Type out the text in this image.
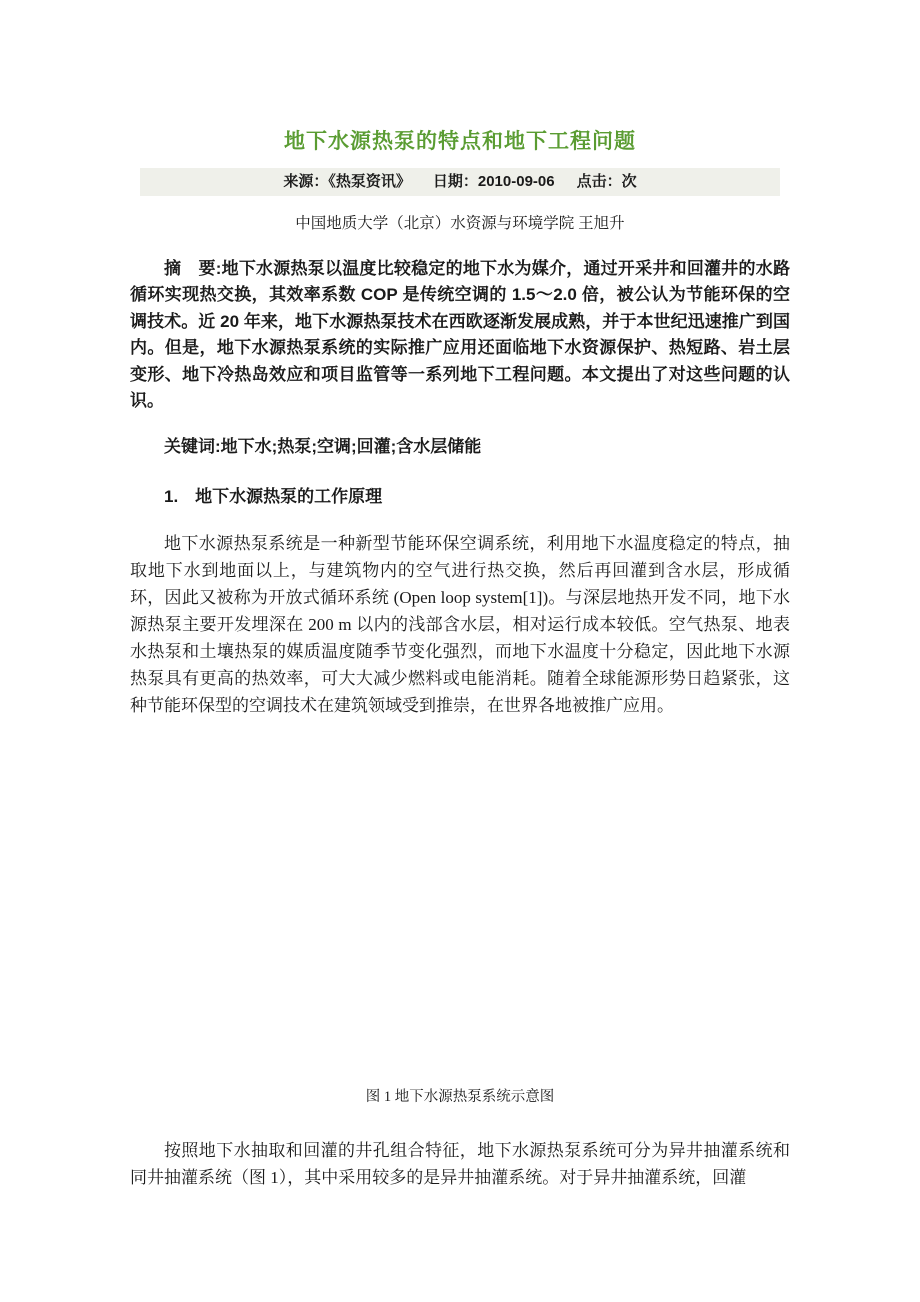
地下水源热泵的特点和地下工程问题
来源：《热泵资讯》 日期：2010-09-06 点击：次
中国地质大学（北京）水资源与环境学院 王旭升
摘　要:地下水源热泵以温度比较稳定的地下水为媒介，通过开采井和回灌井的水路循环实现热交换，其效率系数 COP 是传统空调的 1.5～2.0 倍，被公认为节能环保的空调技术。近 20 年来，地下水源热泵技术在西欧逐渐发展成熟，并于本世纪迅速推广到国内。但是，地下水源热泵系统的实际推广应用还面临地下水资源保护、热短路、岩土层变形、地下冷热岛效应和项目监管等一系列地下工程问题。本文提出了对这些问题的认识。
关键词:地下水;热泵;空调;回灌;含水层储能
1.　地下水源热泵的工作原理
地下水源热泵系统是一种新型节能环保空调系统，利用地下水温度稳定的特点，抽取地下水到地面以上，与建筑物内的空气进行热交换，然后再回灌到含水层，形成循环，因此又被称为开放式循环系统 (Open loop system[1])。与深层地热开发不同，地下水源热泵主要开发埋深在 200 m 以内的浅部含水层，相对运行成本较低。空气热泵、地表水热泵和土壤热泵的媒质温度随季节变化强烈，而地下水温度十分稳定，因此地下水源热泵具有更高的热效率，可大大减少燃料或电能消耗。随着全球能源形势日趋紧张，这种节能环保型的空调技术在建筑领域受到推崇，在世界各地被推广应用。
图 1 地下水源热泵系统示意图
按照地下水抽取和回灌的井孔组合特征，地下水源热泵系统可分为异井抽灌系统和同井抽灌系统（图 1），其中采用较多的是异井抽灌系统。对于异井抽灌系统，回灌
